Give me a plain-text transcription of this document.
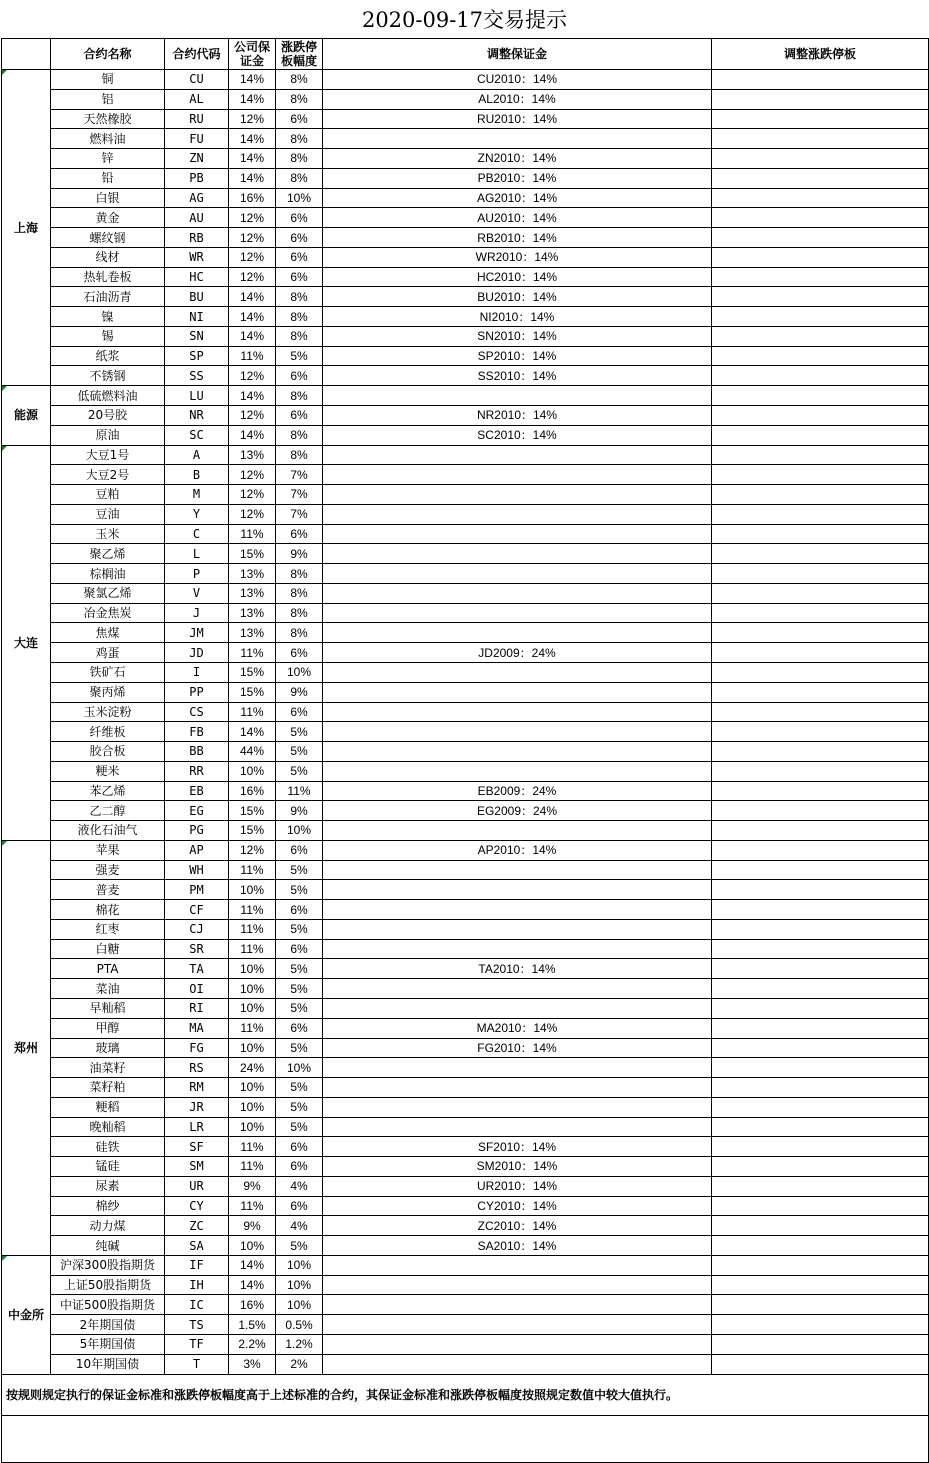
2020-09-17交易提示
	合约名称	合约代码	公司保证金	涨跌停板幅度	调整保证金	调整涨跌停板
上海	铜	CU	14%	8%	CU2010：14%	
	铝	AL	14%	8%	AL2010：14%	
	天然橡胶	RU	12%	6%	RU2010：14%	
	燃料油	FU	14%	8%		
	锌	ZN	14%	8%	ZN2010：14%	
	铅	PB	14%	8%	PB2010：14%	
	白银	AG	16%	10%	AG2010：14%	
	黄金	AU	12%	6%	AU2010：14%	
	螺纹钢	RB	12%	6%	RB2010：14%	
	线材	WR	12%	6%	WR2010：14%	
	热轧卷板	HC	12%	6%	HC2010：14%	
	石油沥青	BU	14%	8%	BU2010：14%	
	镍	NI	14%	8%	NI2010：14%	
	锡	SN	14%	8%	SN2010：14%	
	纸浆	SP	11%	5%	SP2010：14%	
	不锈钢	SS	12%	6%	SS2010：14%	
能源	低硫燃料油	LU	14%	8%		
	20号胶	NR	12%	6%	NR2010：14%	
	原油	SC	14%	8%	SC2010：14%	
大连	大豆1号	A	13%	8%		
	大豆2号	B	12%	7%		
	豆粕	M	12%	7%		
	豆油	Y	12%	7%		
	玉米	C	11%	6%		
	聚乙烯	L	15%	9%		
	棕榈油	P	13%	8%		
	聚氯乙烯	V	13%	8%		
	冶金焦炭	J	13%	8%		
	焦煤	JM	13%	8%		
	鸡蛋	JD	11%	6%	JD2009：24%	
	铁矿石	I	15%	10%		
	聚丙烯	PP	15%	9%		
	玉米淀粉	CS	11%	6%		
	纤维板	FB	14%	5%		
	胶合板	BB	44%	5%		
	粳米	RR	10%	5%		
	苯乙烯	EB	16%	11%	EB2009：24%	
	乙二醇	EG	15%	9%	EG2009：24%	
	液化石油气	PG	15%	10%		
郑州	苹果	AP	12%	6%	AP2010：14%	
	强麦	WH	11%	5%		
	普麦	PM	10%	5%		
	棉花	CF	11%	6%		
	红枣	CJ	11%	5%		
	白糖	SR	11%	6%		
	PTA	TA	10%	5%	TA2010：14%	
	菜油	OI	10%	5%		
	早籼稻	RI	10%	5%		
	甲醇	MA	11%	6%	MA2010：14%	
	玻璃	FG	10%	5%	FG2010：14%	
	油菜籽	RS	24%	10%		
	菜籽粕	RM	10%	5%		
	粳稻	JR	10%	5%		
	晚籼稻	LR	10%	5%		
	硅铁	SF	11%	6%	SF2010：14%	
	锰硅	SM	11%	6%	SM2010：14%	
	尿素	UR	9%	4%	UR2010：14%	
	棉纱	CY	11%	6%	CY2010：14%	
	动力煤	ZC	9%	4%	ZC2010：14%	
	纯碱	SA	10%	5%	SA2010：14%	
中金所	沪深300股指期货	IF	14%	10%		
	上证50股指期货	IH	14%	10%		
	中证500股指期货	IC	16%	10%		
	2年期国债	TS	1.5%	0.5%		
	5年期国债	TF	2.2%	1.2%		
	10年期国债	T	3%	2%		
按规则规定执行的保证金标准和涨跌停板幅度高于上述标准的合约，其保证金标准和涨跌停板幅度按照规定数值中较大值执行。						
